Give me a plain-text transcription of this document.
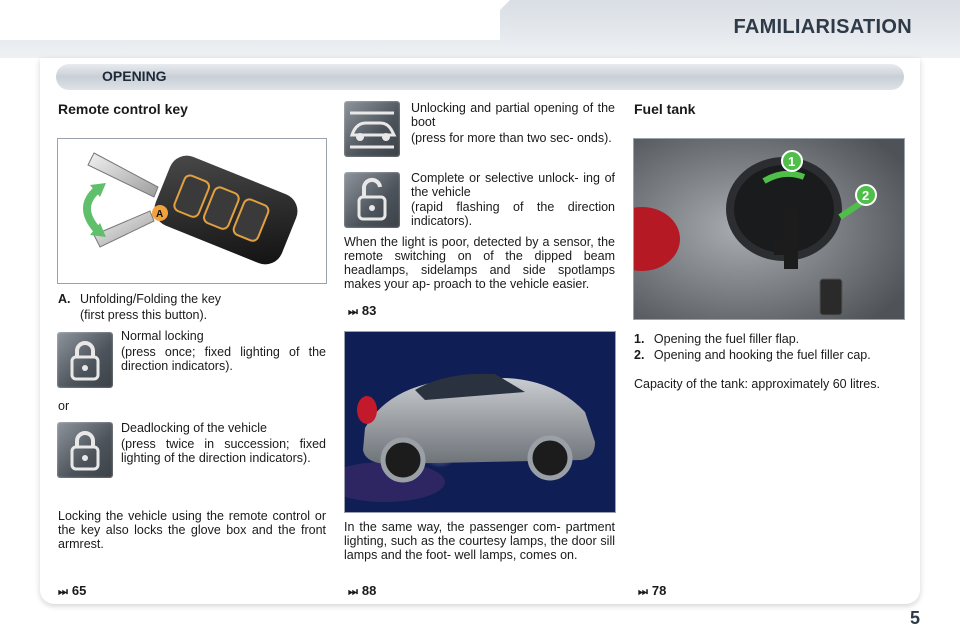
FAMILIARISATION
OPENING
Remote control key
A
A. Unfolding/Folding the key
(first press this button).
Normal locking
(press once; fixed lighting of the direction indicators).
or
Deadlocking of the vehicle
(press twice in succession; fixed lighting of the direction indicators).
Locking the vehicle using the remote control or the key also locks the glove box and the front armrest.
⏭ 65
Unlocking and partial opening of the boot
(press for more than two sec- onds).
Complete or selective unlock- ing of the vehicle
(rapid flashing of the direction indicators).
When the light is poor, detected by a sensor, the remote switching on of the dipped beam headlamps, sidelamps and side spotlamps makes your ap- proach to the vehicle easier.
⏭ 83
In the same way, the passenger com- partment lighting, such as the courtesy lamps, the door sill lamps and the foot- well lamps, comes on.
⏭ 88
Fuel tank
1
2
1. Opening the fuel filler flap.
2. Opening and hooking the fuel filler cap.
Capacity of the tank: approximately 60 litres.
⏭ 78
5
